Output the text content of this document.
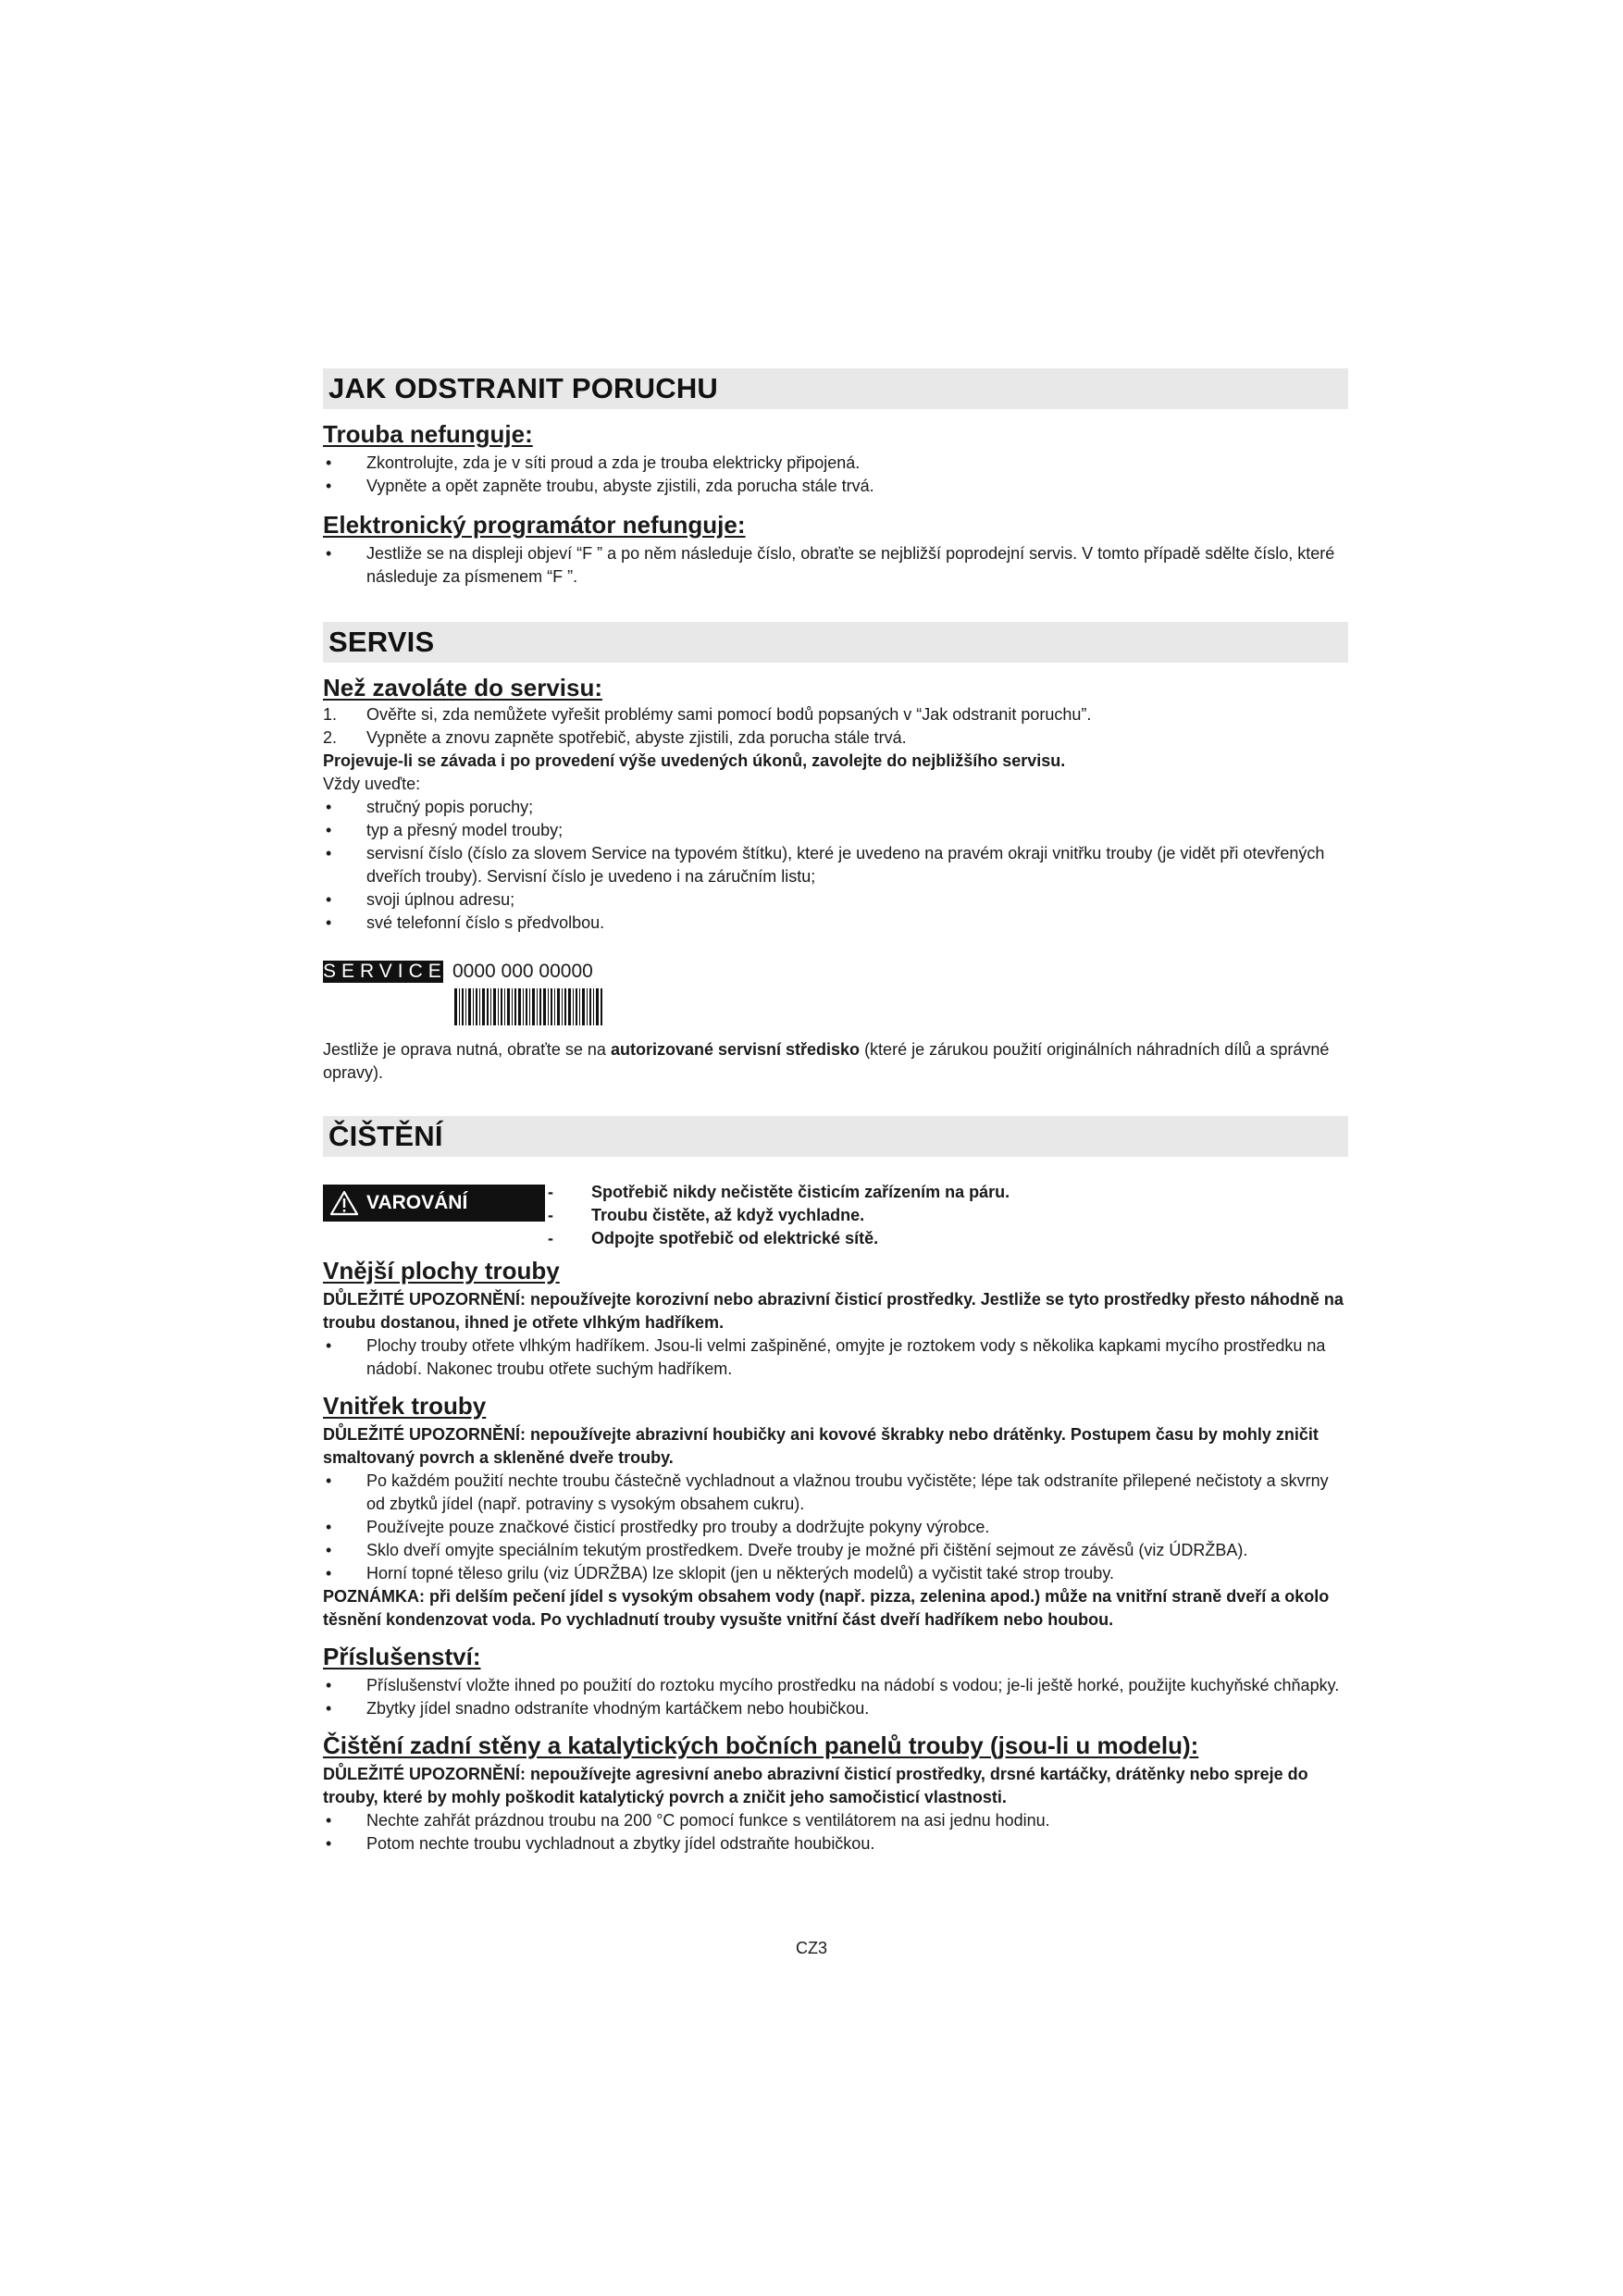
JAK ODSTRANIT PORUCHU
Trouba nefunguje:
• Zkontrolujte, zda je v síti proud a zda je trouba elektricky připojená.
• Vypněte a opět zapněte troubu, abyste zjistili, zda porucha stále trvá.
Elektronický programátor nefunguje:
• Jestliže se na displeji objeví “F ” a po něm následuje číslo, obraťte se nejbližší poprodejní servis. V tomto případě sdělte číslo, které následuje za písmenem “F ”.
SERVIS
Než zavoláte do servisu:
1. Ověřte si, zda nemůžete vyřešit problémy sami pomocí bodů popsaných v “Jak odstranit poruchu”.
2. Vypněte a znovu zapněte spotřebič, abyste zjistili, zda porucha stále trvá.
Projevuje-li se závada i po provedení výše uvedených úkonů, zavolejte do nejbližšího servisu.
Vždy uveďte:
• stručný popis poruchy;
• typ a přesný model trouby;
• servisní číslo (číslo za slovem Service na typovém štítku), které je uvedeno na pravém okraji vnitřku trouby (je vidět při otevřených dveřích trouby). Servisní číslo je uvedeno i na záručním listu;
• svoji úplnou adresu;
• své telefonní číslo s předvolbou.
SERVICE 0000 000 00000
Jestliže je oprava nutná, obraťte se na autorizované servisní středisko (které je zárukou použití originálních náhradních dílů a správné opravy).
ČIŠTĚNÍ
VAROVÁNÍ
-	Spotřebič nikdy nečistěte čisticím zařízením na páru.
- Troubu čistěte, až když vychladne.
- Odpojte spotřebič od elektrické sítě.
Vnější plochy trouby
DŮLEŽITÉ UPOZORNĚNÍ: nepoužívejte korozivní nebo abrazivní čisticí prostředky. Jestliže se tyto prostředky přesto náhodně na troubu dostanou, ihned je otřete vlhkým hadříkem.
• Plochy trouby otřete vlhkým hadříkem. Jsou-li velmi zašpiněné, omyjte je roztokem vody s několika kapkami mycího prostředku na nádobí. Nakonec troubu otřete suchým hadříkem.
Vnitřek trouby
DŮLEŽITÉ UPOZORNĚNÍ: nepoužívejte abrazivní houbičky ani kovové škrabky nebo drátěnky. Postupem času by mohly zničit smaltovaný povrch a skleněné dveře trouby.
• Po každém použití nechte troubu částečně vychladnout a vlažnou troubu vyčistěte; lépe tak odstraníte přilepené nečistoty a skvrny od zbytků jídel (např. potraviny s vysokým obsahem cukru).
• Používejte pouze značkové čisticí prostředky pro trouby a dodržujte pokyny výrobce.
• Sklo dveří omyjte speciálním tekutým prostředkem. Dveře trouby je možné při čištění sejmout ze závěsů (viz ÚDRŽBA).
• Horní topné těleso grilu (viz ÚDRŽBA) lze sklopit (jen u některých modelů) a vyčistit také strop trouby.
POZNÁMKA: při delším pečení jídel s vysokým obsahem vody (např. pizza, zelenina apod.) může na vnitřní straně dveří a okolo těsnění kondenzovat voda. Po vychladnutí trouby vysušte vnitřní část dveří hadříkem nebo houbou.
Příslušenství:
• Příslušenství vložte ihned po použití do roztoku mycího prostředku na nádobí s vodou; je-li ještě horké, použijte kuchyňské chňapky.
• Zbytky jídel snadno odstraníte vhodným kartáčkem nebo houbičkou.
Čištění zadní stěny a katalytických bočních panelů trouby (jsou-li u modelu):
DŮLEŽITÉ UPOZORNĚNÍ: nepoužívejte agresivní anebo abrazivní čisticí prostředky, drsné kartáčky, drátěnky nebo spreje do trouby, které by mohly poškodit katalytický povrch a zničit jeho samočisticí vlastnosti.
• Nechte zahřát prázdnou troubu na 200 °C pomocí funkce s ventilátorem na asi jednu hodinu.
• Potom nechte troubu vychladnout a zbytky jídel odstraňte houbičkou.
CZ3
